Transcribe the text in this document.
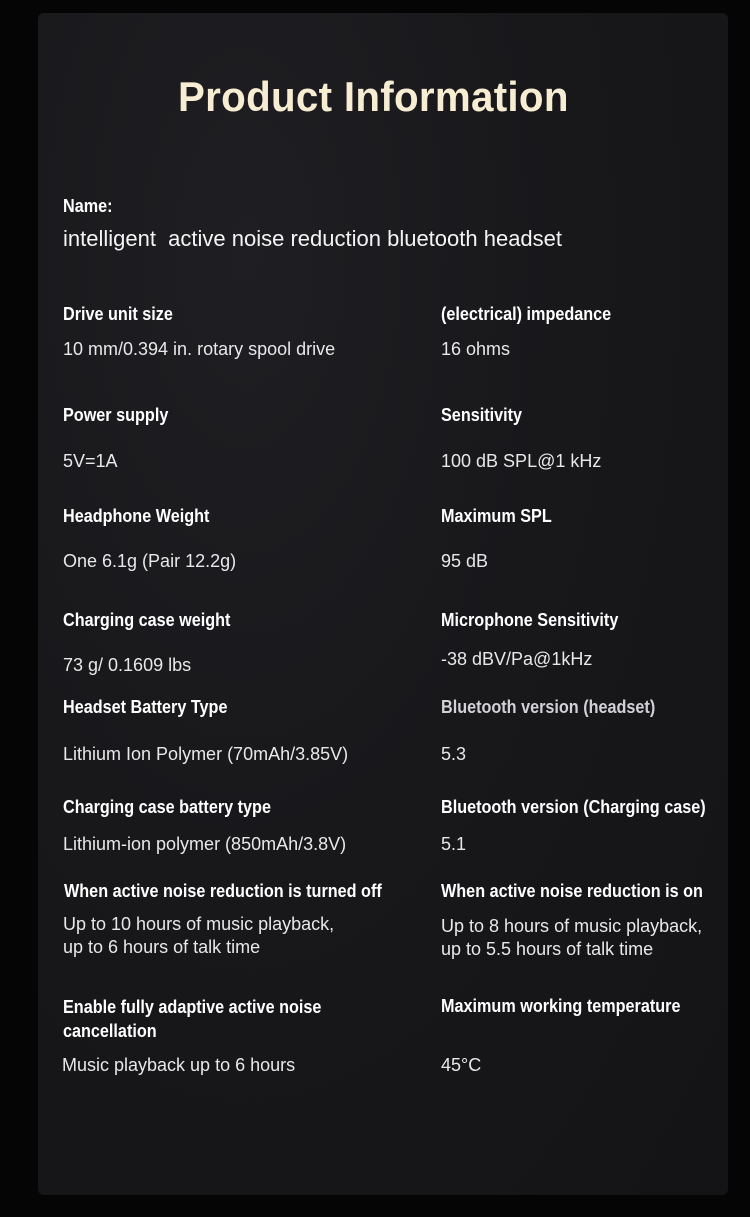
Product Information
Name:
intelligent  active noise reduction bluetooth headset
Drive unit size
10 mm/0.394 in. rotary spool drive
(electrical) impedance
16 ohms
Power supply
5V=1A
Sensitivity
100 dB SPL@1 kHz
Headphone Weight
One 6.1g (Pair 12.2g)
Maximum SPL
95 dB
Charging case weight
73 g/ 0.1609 lbs
Microphone Sensitivity
-38 dBV/Pa@1kHz
Headset Battery Type
Lithium Ion Polymer (70mAh/3.85V)
Bluetooth version (headset)
5.3
Charging case battery type
Lithium-ion polymer (850mAh/3.8V)
Bluetooth version (Charging case)
5.1
When active noise reduction is turned off
Up to 10 hours of music playback,
up to 6 hours of talk time
When active noise reduction is on
Up to 8 hours of music playback,
up to 5.5 hours of talk time
Enable fully adaptive active noise cancellation
Music playback up to 6 hours
Maximum working temperature
45°C
